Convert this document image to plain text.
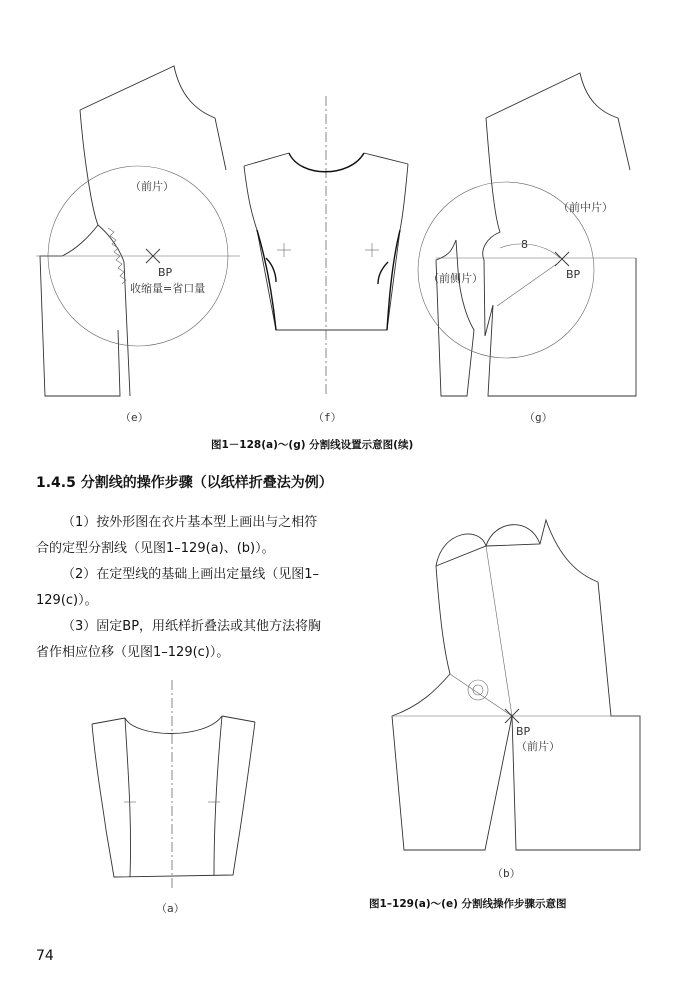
（前片）
BP
收缩量=省口量
（e）	（f）
（前中片）
（前侧片）
8
BP
（g）
图1－128(a)～(g) 分割线设置示意图(续)
1.4.5 分割线的操作步骤（以纸样折叠法为例）
（1）按外形图在衣片基本型上画出与之相符合的定型分割线（见图1–129(a)、(b)）。
（2）在定型线的基础上画出定量线（见图1–129(c)）。
（3）固定BP，用纸样折叠法或其他方法将胸省作相应位移（见图1–129(c)）。
（a）
BP
（前片）
（b）
图1–129(a)～(e) 分割线操作步骤示意图
74
